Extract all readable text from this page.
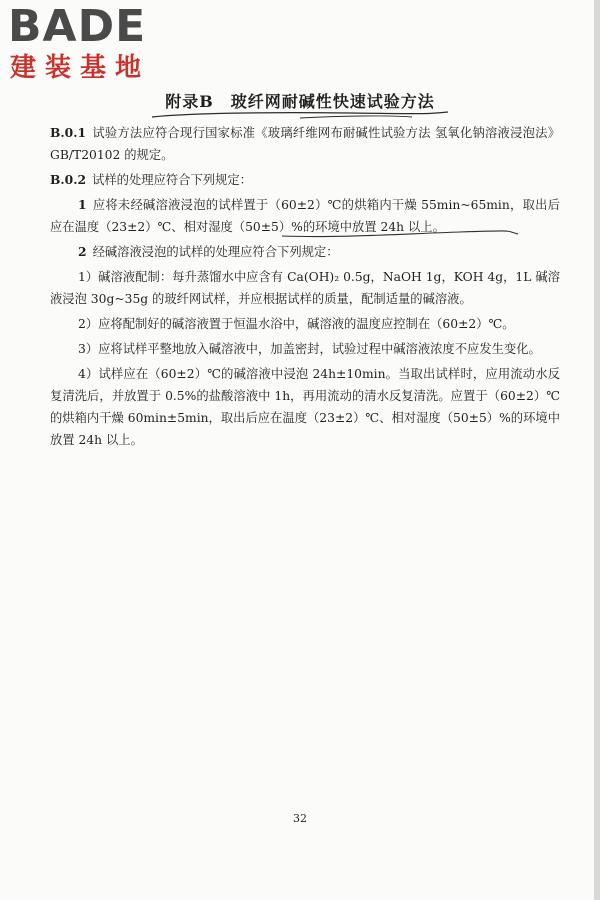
BADE
建装基地
附录B　玻纤网耐碱性快速试验方法

B.0.1 试验方法应符合现行国家标准《玻璃纤维网布耐碱性试验方法 氢氧化钠溶液浸泡法》GB/T20102 的规定。

B.0.2 试样的处理应符合下列规定：

1 应将未经碱溶液浸泡的试样置于（60±2）℃的烘箱内干燥 55min~65min，取出后应在温度（23±2）℃、相对湿度（50±5）%的环境中放置 24h 以上。

2 经碱溶液浸泡的试样的处理应符合下列规定：

1）碱溶液配制：每升蒸馏水中应含有 Ca(OH)₂ 0.5g，NaOH 1g，KOH 4g，1L 碱溶液浸泡 30g~35g 的玻纤网试样，并应根据试样的质量，配制适量的碱溶液。

2）应将配制好的碱溶液置于恒温水浴中，碱溶液的温度应控制在（60±2）℃。

3）应将试样平整地放入碱溶液中，加盖密封，试验过程中碱溶液浓度不应发生变化。

4）试样应在（60±2）℃的碱溶液中浸泡 24h±10min。当取出试样时，应用流动水反复清洗后，并放置于 0.5%的盐酸溶液中 1h，再用流动的清水反复清洗。应置于（60±2）℃的烘箱内干燥 60min±5min，取出后应在温度（23±2）℃、相对湿度（50±5）%的环境中放置 24h 以上。

32
